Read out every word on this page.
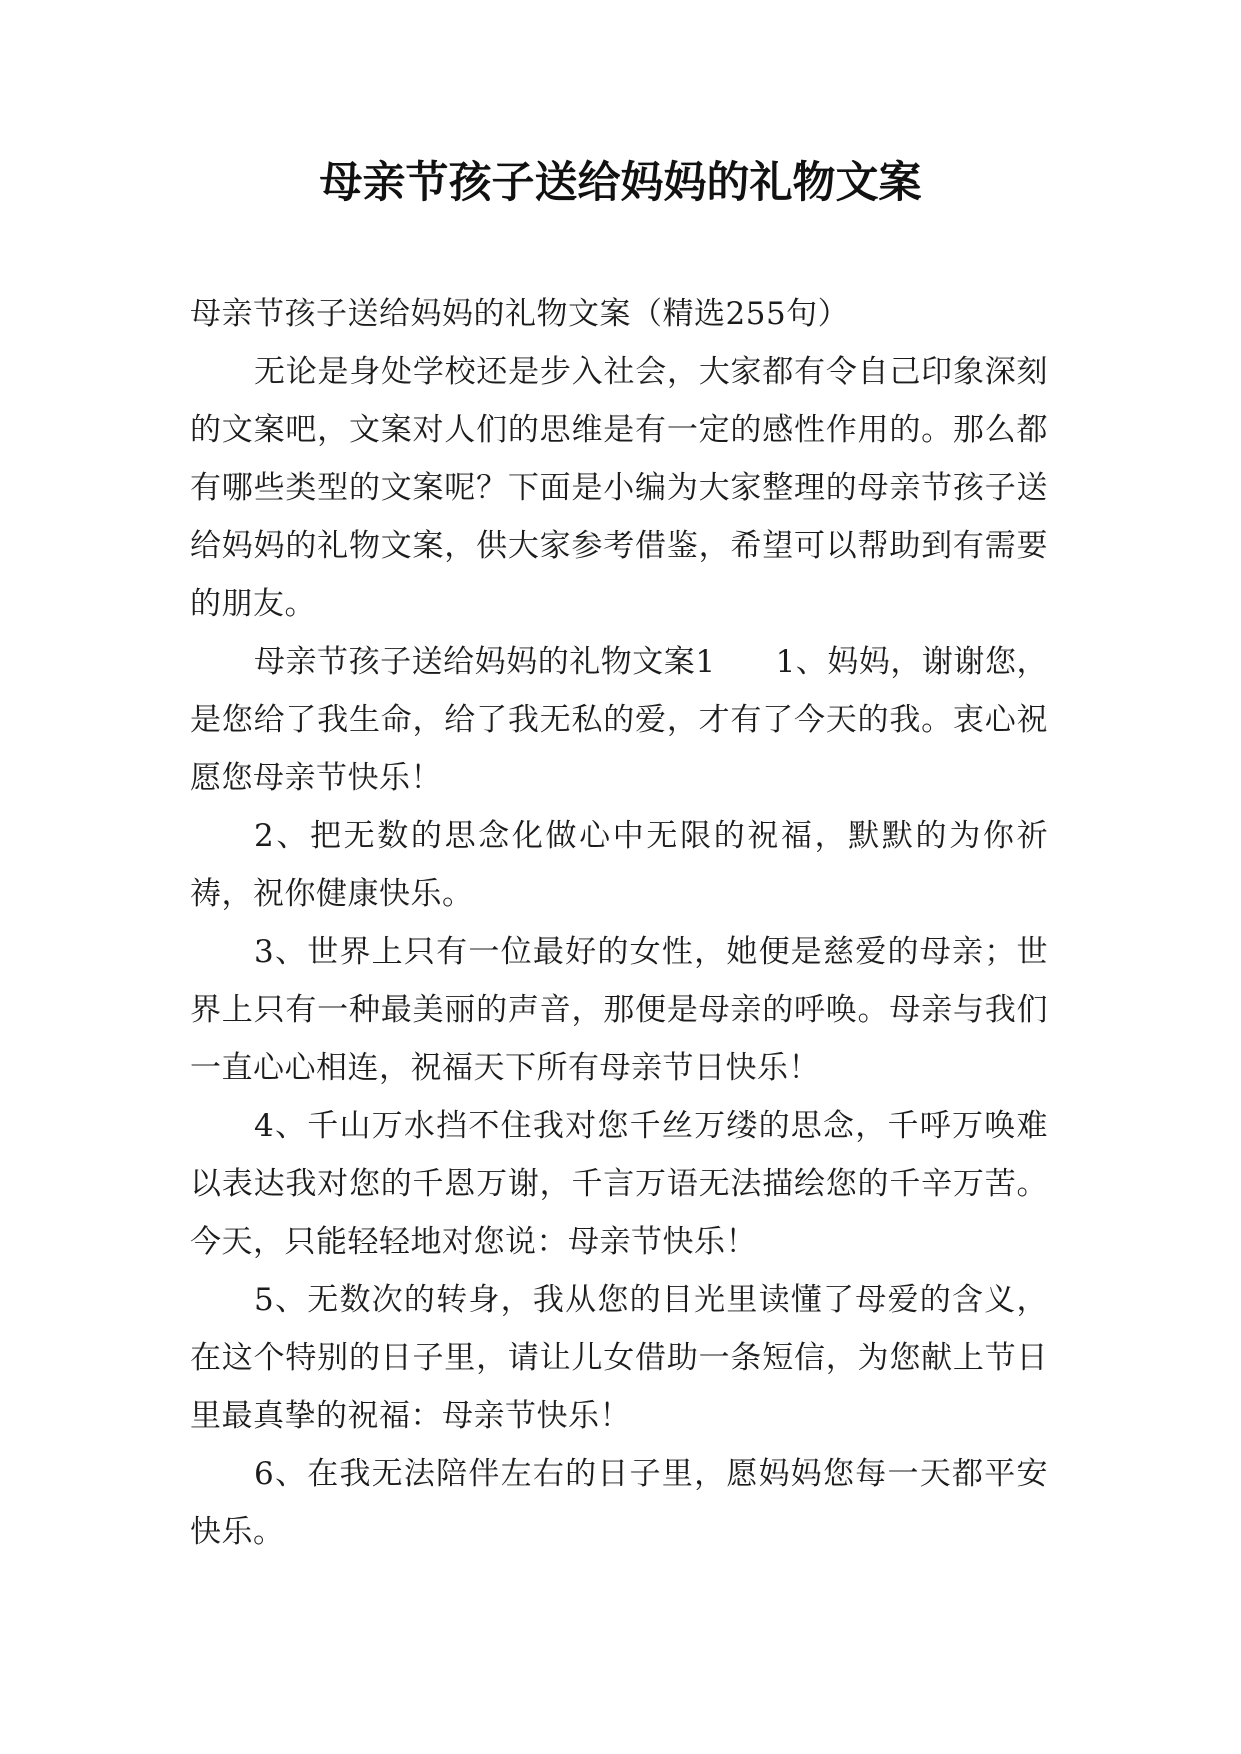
母亲节孩子送给妈妈的礼物文案

母亲节孩子送给妈妈的礼物文案（精选255句）

无论是身处学校还是步入社会，大家都有令自己印象深刻的文案吧，文案对人们的思维是有一定的感性作用的。那么都有哪些类型的文案呢？下面是小编为大家整理的母亲节孩子送给妈妈的礼物文案，供大家参考借鉴，希望可以帮助到有需要的朋友。

母亲节孩子送给妈妈的礼物文案1 1、妈妈，谢谢您，是您给了我生命，给了我无私的爱，才有了今天的我。衷心祝愿您母亲节快乐！

2、把无数的思念化做心中无限的祝福，默默的为你祈祷，祝你健康快乐。

3、世界上只有一位最好的女性，她便是慈爱的母亲；世界上只有一种最美丽的声音，那便是母亲的呼唤。母亲与我们一直心心相连，祝福天下所有母亲节日快乐！

4、千山万水挡不住我对您千丝万缕的思念，千呼万唤难以表达我对您的千恩万谢，千言万语无法描绘您的千辛万苦。今天，只能轻轻地对您说：母亲节快乐！

5、无数次的转身，我从您的目光里读懂了母爱的含义，在这个特别的日子里，请让儿女借助一条短信，为您献上节日里最真挚的祝福：母亲节快乐！

6、在我无法陪伴左右的日子里，愿妈妈您每一天都平安快乐。
